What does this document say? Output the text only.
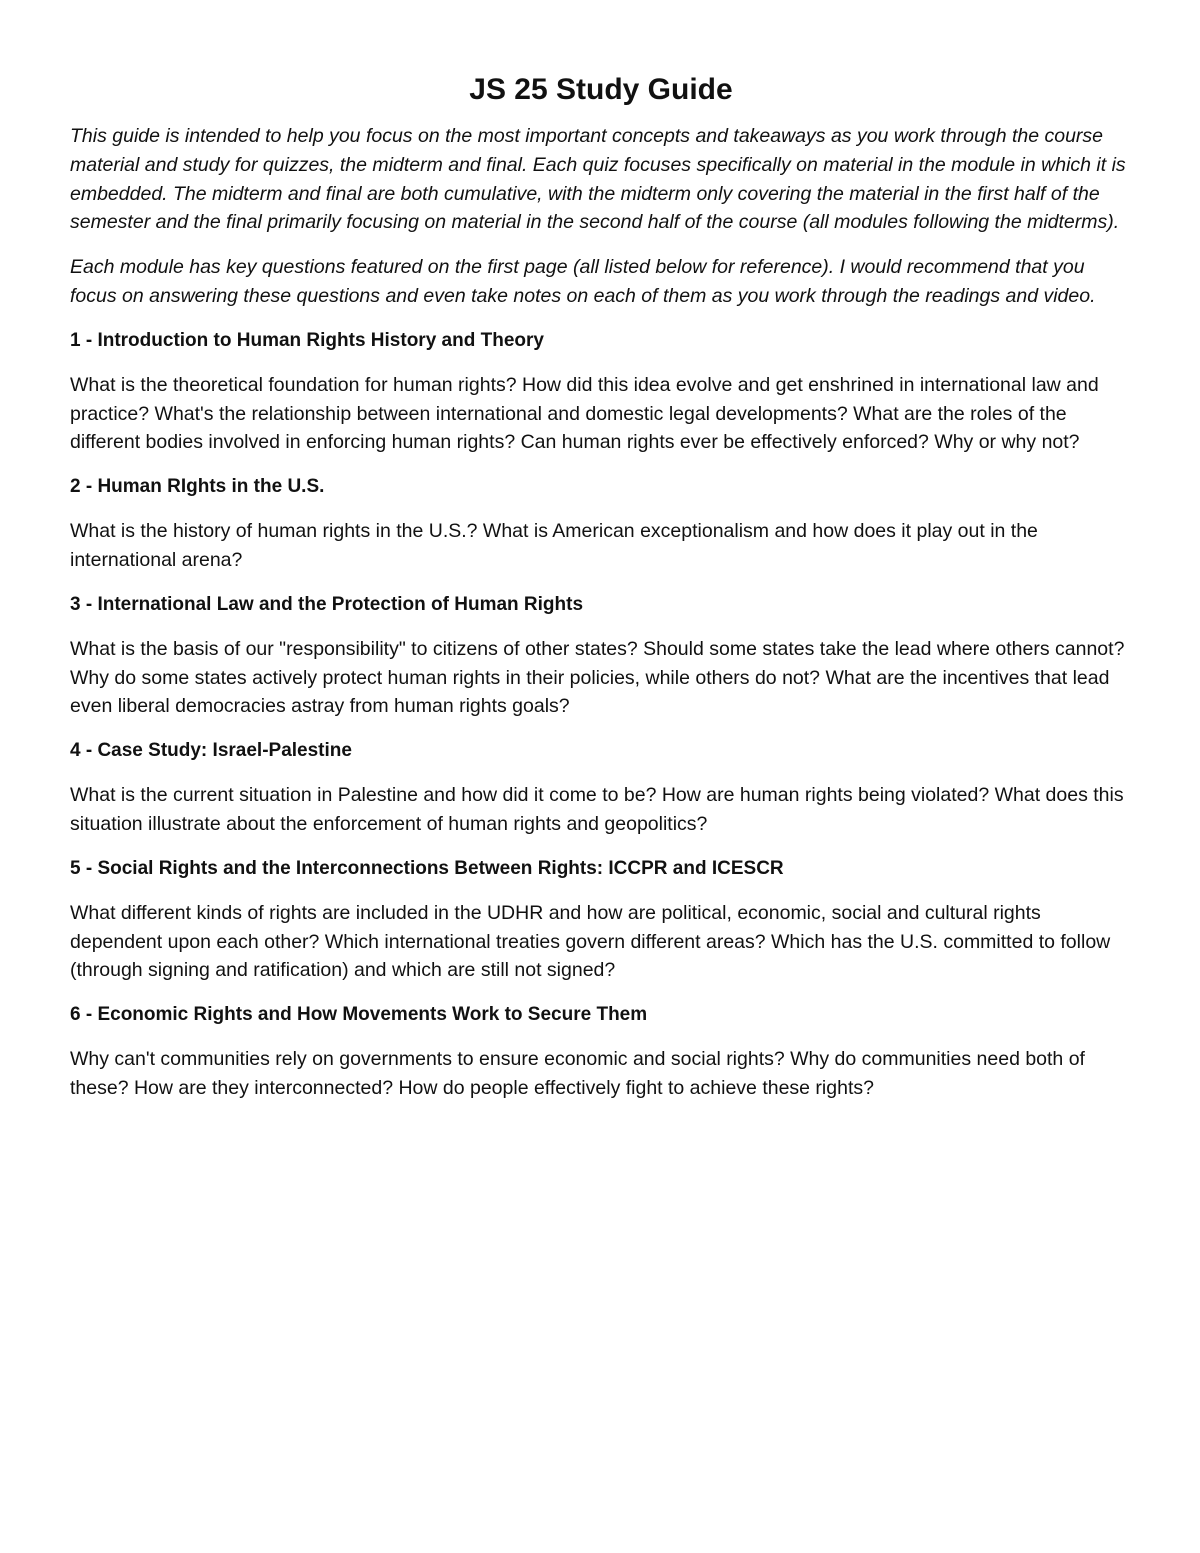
JS 25 Study Guide

This guide is intended to help you focus on the most important concepts and takeaways as you work through the course material and study for quizzes, the midterm and final. Each quiz focuses specifically on material in the module in which it is embedded. The midterm and final are both cumulative, with the midterm only covering the material in the first half of the semester and the final primarily focusing on material in the second half of the course (all modules following the midterms).

Each module has key questions featured on the first page (all listed below for reference). I would recommend that you focus on answering these questions and even take notes on each of them as you work through the readings and video.

1 - Introduction to Human Rights History and Theory

What is the theoretical foundation for human rights? How did this idea evolve and get enshrined in international law and practice? What's the relationship between international and domestic legal developments? What are the roles of the different bodies involved in enforcing human rights? Can human rights ever be effectively enforced? Why or why not?

2 - Human RIghts in the U.S.

What is the history of human rights in the U.S.? What is American exceptionalism and how does it play out in the international arena?

3 - International Law and the Protection of Human Rights

What is the basis of our "responsibility" to citizens of other states? Should some states take the lead where others cannot? Why do some states actively protect human rights in their policies, while others do not? What are the incentives that lead even liberal democracies astray from human rights goals?

4 - Case Study: Israel-Palestine

What is the current situation in Palestine and how did it come to be? How are human rights being violated? What does this situation illustrate about the enforcement of human rights and geopolitics?

5 - Social Rights and the Interconnections Between Rights: ICCPR and ICESCR

What different kinds of rights are included in the UDHR and how are political, economic, social and cultural rights dependent upon each other? Which international treaties govern different areas? Which has the U.S. committed to follow (through signing and ratification) and which are still not signed?

6 - Economic Rights and How Movements Work to Secure Them

Why can't communities rely on governments to ensure economic and social rights? Why do communities need both of these? How are they interconnected? How do people effectively fight to achieve these rights?
